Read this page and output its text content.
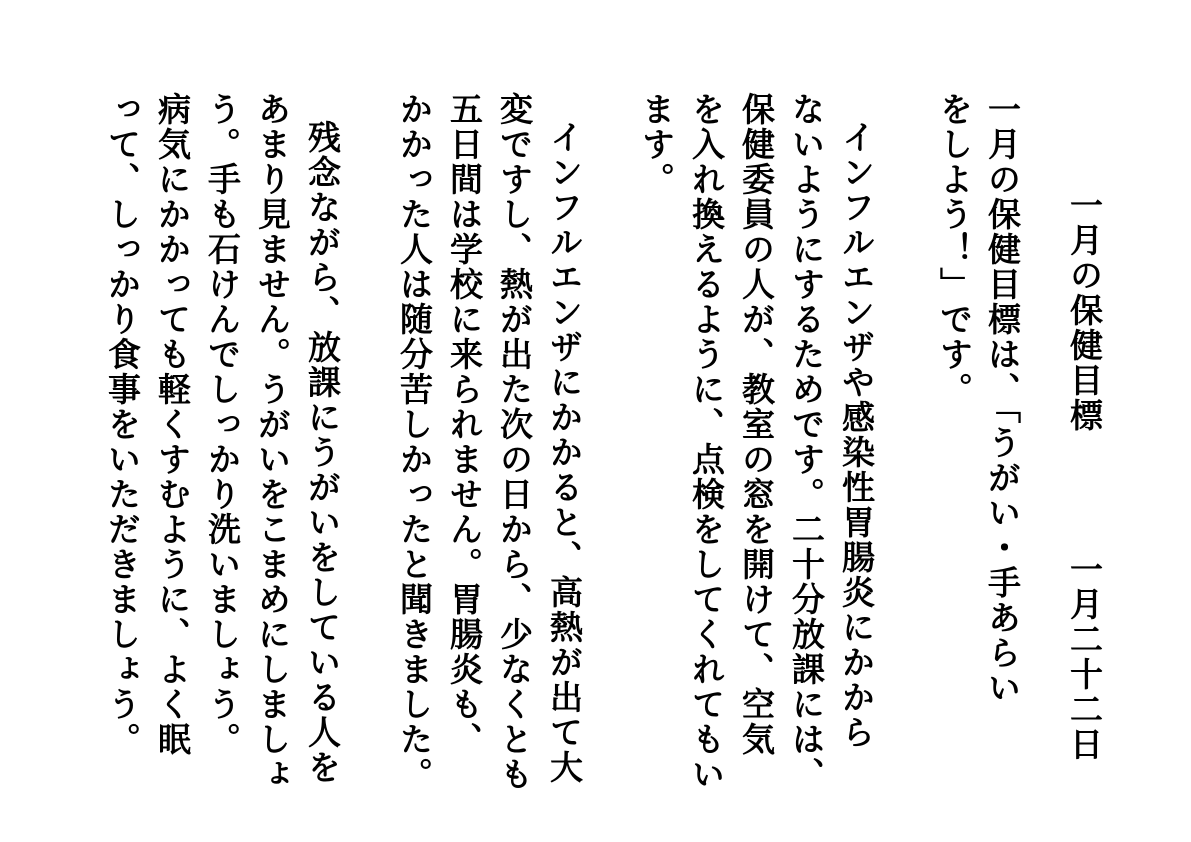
一月の保健目標
一月二十二日
一月の保健目標は、「うがい・手あらい
をしよう！」です。
インフルエンザや感染性胃腸炎にかから
ないようにするためです。二十分放課には、
保健委員の人が、教室の窓を開けて、空気
を入れ換えるように、点検をしてくれてもい
ます。
インフルエンザにかかると、高熱が出て大
変ですし、熱が出た次の日から、少なくとも
五日間は学校に来られません。胃腸炎も、
かかった人は随分苦しかったと聞きました。
残念ながら、放課にうがいをしている人を
あまり見ません。うがいをこまめにしましょ
う。手も石けんでしっかり洗いましょう。
病気にかかっても軽くすむように、よく眠
って、しっかり食事をいただきましょう。
